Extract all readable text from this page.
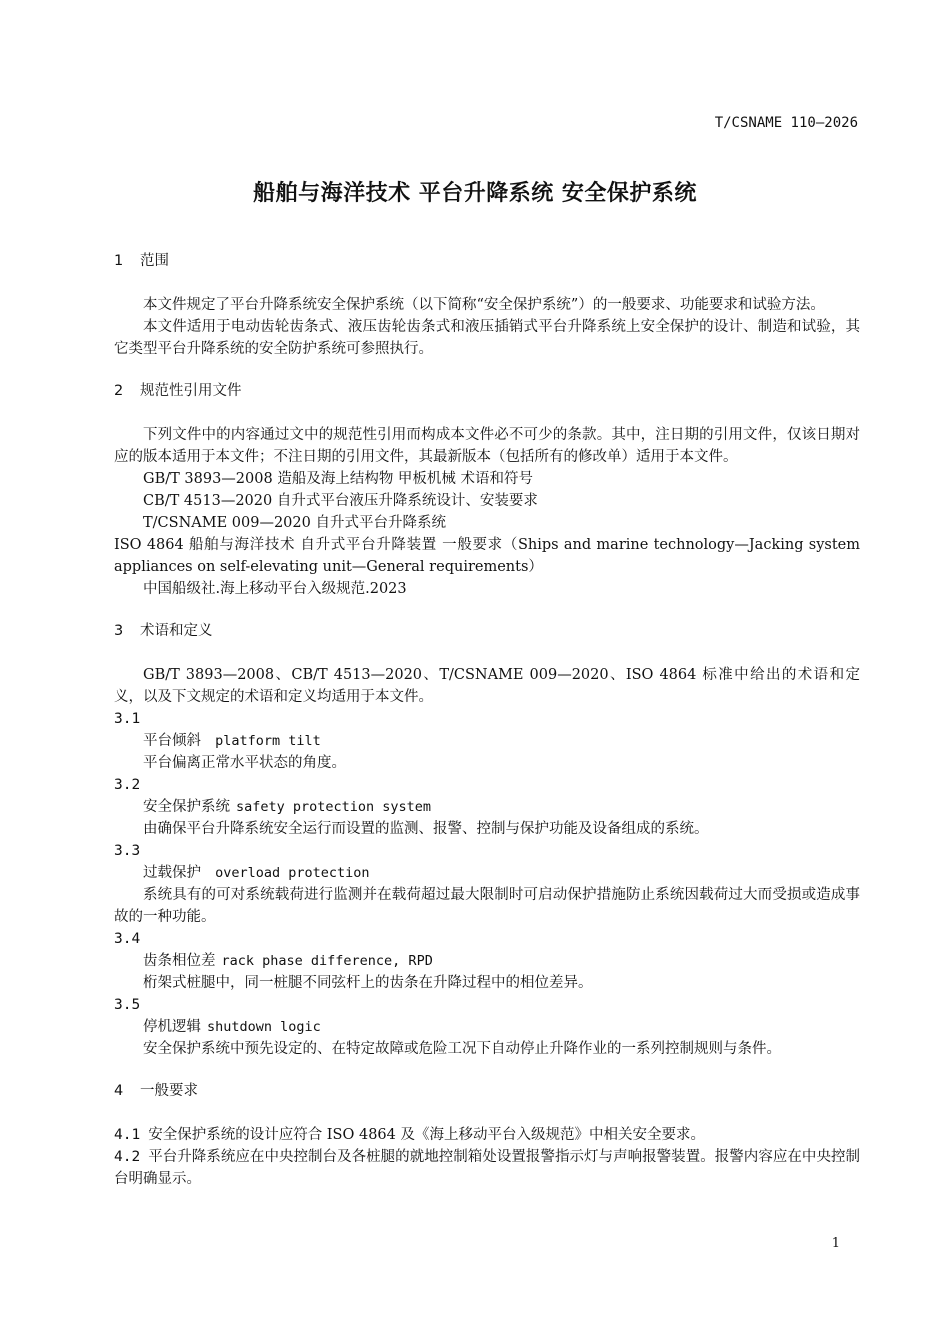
T/CSNAME 110—2026
船舶与海洋技术 平台升降系统 安全保护系统
1 范围

本文件规定了平台升降系统安全保护系统（以下简称“安全保护系统”）的一般要求、功能要求和试验方法。

本文件适用于电动齿轮齿条式、液压齿轮齿条式和液压插销式平台升降系统上安全保护的设计、制造和试验，其它类型平台升降系统的安全防护系统可参照执行。

2 规范性引用文件

下列文件中的内容通过文中的规范性引用而构成本文件必不可少的条款。其中，注日期的引用文件，仅该日期对应的版本适用于本文件；不注日期的引用文件，其最新版本（包括所有的修改单）适用于本文件。

GB/T 3893—2008 造船及海上结构物 甲板机械 术语和符号

CB/T 4513—2020 自升式平台液压升降系统设计、安装要求

T/CSNAME 009—2020 自升式平台升降系统

ISO 4864 船舶与海洋技术 自升式平台升降装置 一般要求（Ships and marine technology—Jacking system appliances on self-elevating unit—General requirements）

中国船级社.海上移动平台入级规范.2023

3 术语和定义

GB/T 3893—2008、CB/T 4513—2020、T/CSNAME 009—2020、ISO 4864 标准中给出的术语和定义，以及下文规定的术语和定义均适用于本文件。

3.1

平台倾斜 platform tilt

平台偏离正常水平状态的角度。

3.2

安全保护系统 safety protection system

由确保平台升降系统安全运行而设置的监测、报警、控制与保护功能及设备组成的系统。

3.3

过载保护 overload protection

系统具有的可对系统载荷进行监测并在载荷超过最大限制时可启动保护措施防止系统因载荷过大而受损或造成事故的一种功能。

3.4

齿条相位差 rack phase difference, RPD

桁架式桩腿中，同一桩腿不同弦杆上的齿条在升降过程中的相位差异。

3.5

停机逻辑 shutdown logic

安全保护系统中预先设定的、在特定故障或危险工况下自动停止升降作业的一系列控制规则与条件。

4 一般要求

4.1 安全保护系统的设计应符合 ISO 4864 及《海上移动平台入级规范》中相关安全要求。

4.2 平台升降系统应在中央控制台及各桩腿的就地控制箱处设置报警指示灯与声响报警装置。报警内容应在中央控制台明确显示。

1
